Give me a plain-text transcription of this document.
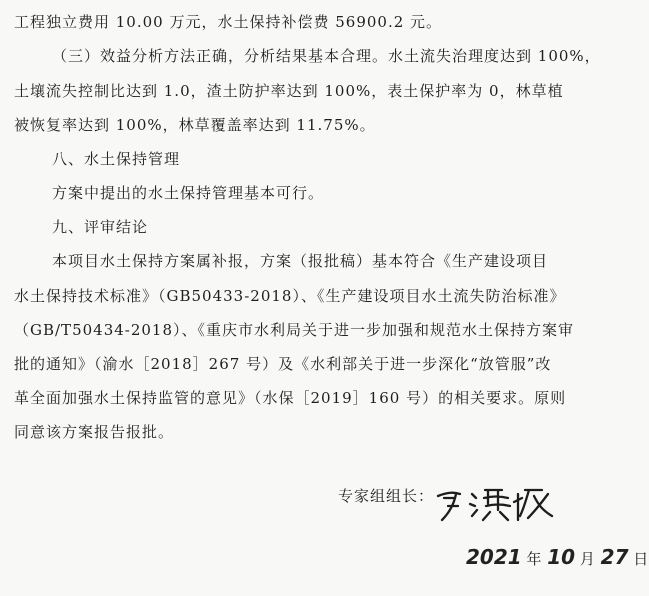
工程独立费用 10.00 万元，水土保持补偿费 56900.2 元。
（三）效益分析方法正确，分析结果基本合理。水土流失治理度达到 100%，
土壤流失控制比达到 1.0，渣土防护率达到 100%，表土保护率为 0，林草植
被恢复率达到 100%，林草覆盖率达到 11.75%。
八、水土保持管理
方案中提出的水土保持管理基本可行。
九、评审结论
本项目水土保持方案属补报，方案（报批稿）基本符合《生产建设项目
水土保持技术标准》（GB50433-2018）、《生产建设项目水土流失防治标准》
（GB/T50434-2018）、《重庆市水利局关于进一步加强和规范水土保持方案审
批的通知》（渝水［2018］267 号）及《水利部关于进一步深化“放管服”改
革全面加强水土保持监管的意见》（水保［2019］160 号）的相关要求。原则
同意该方案报告报批。
专家组组长：
2021 年 10 月 27 日
